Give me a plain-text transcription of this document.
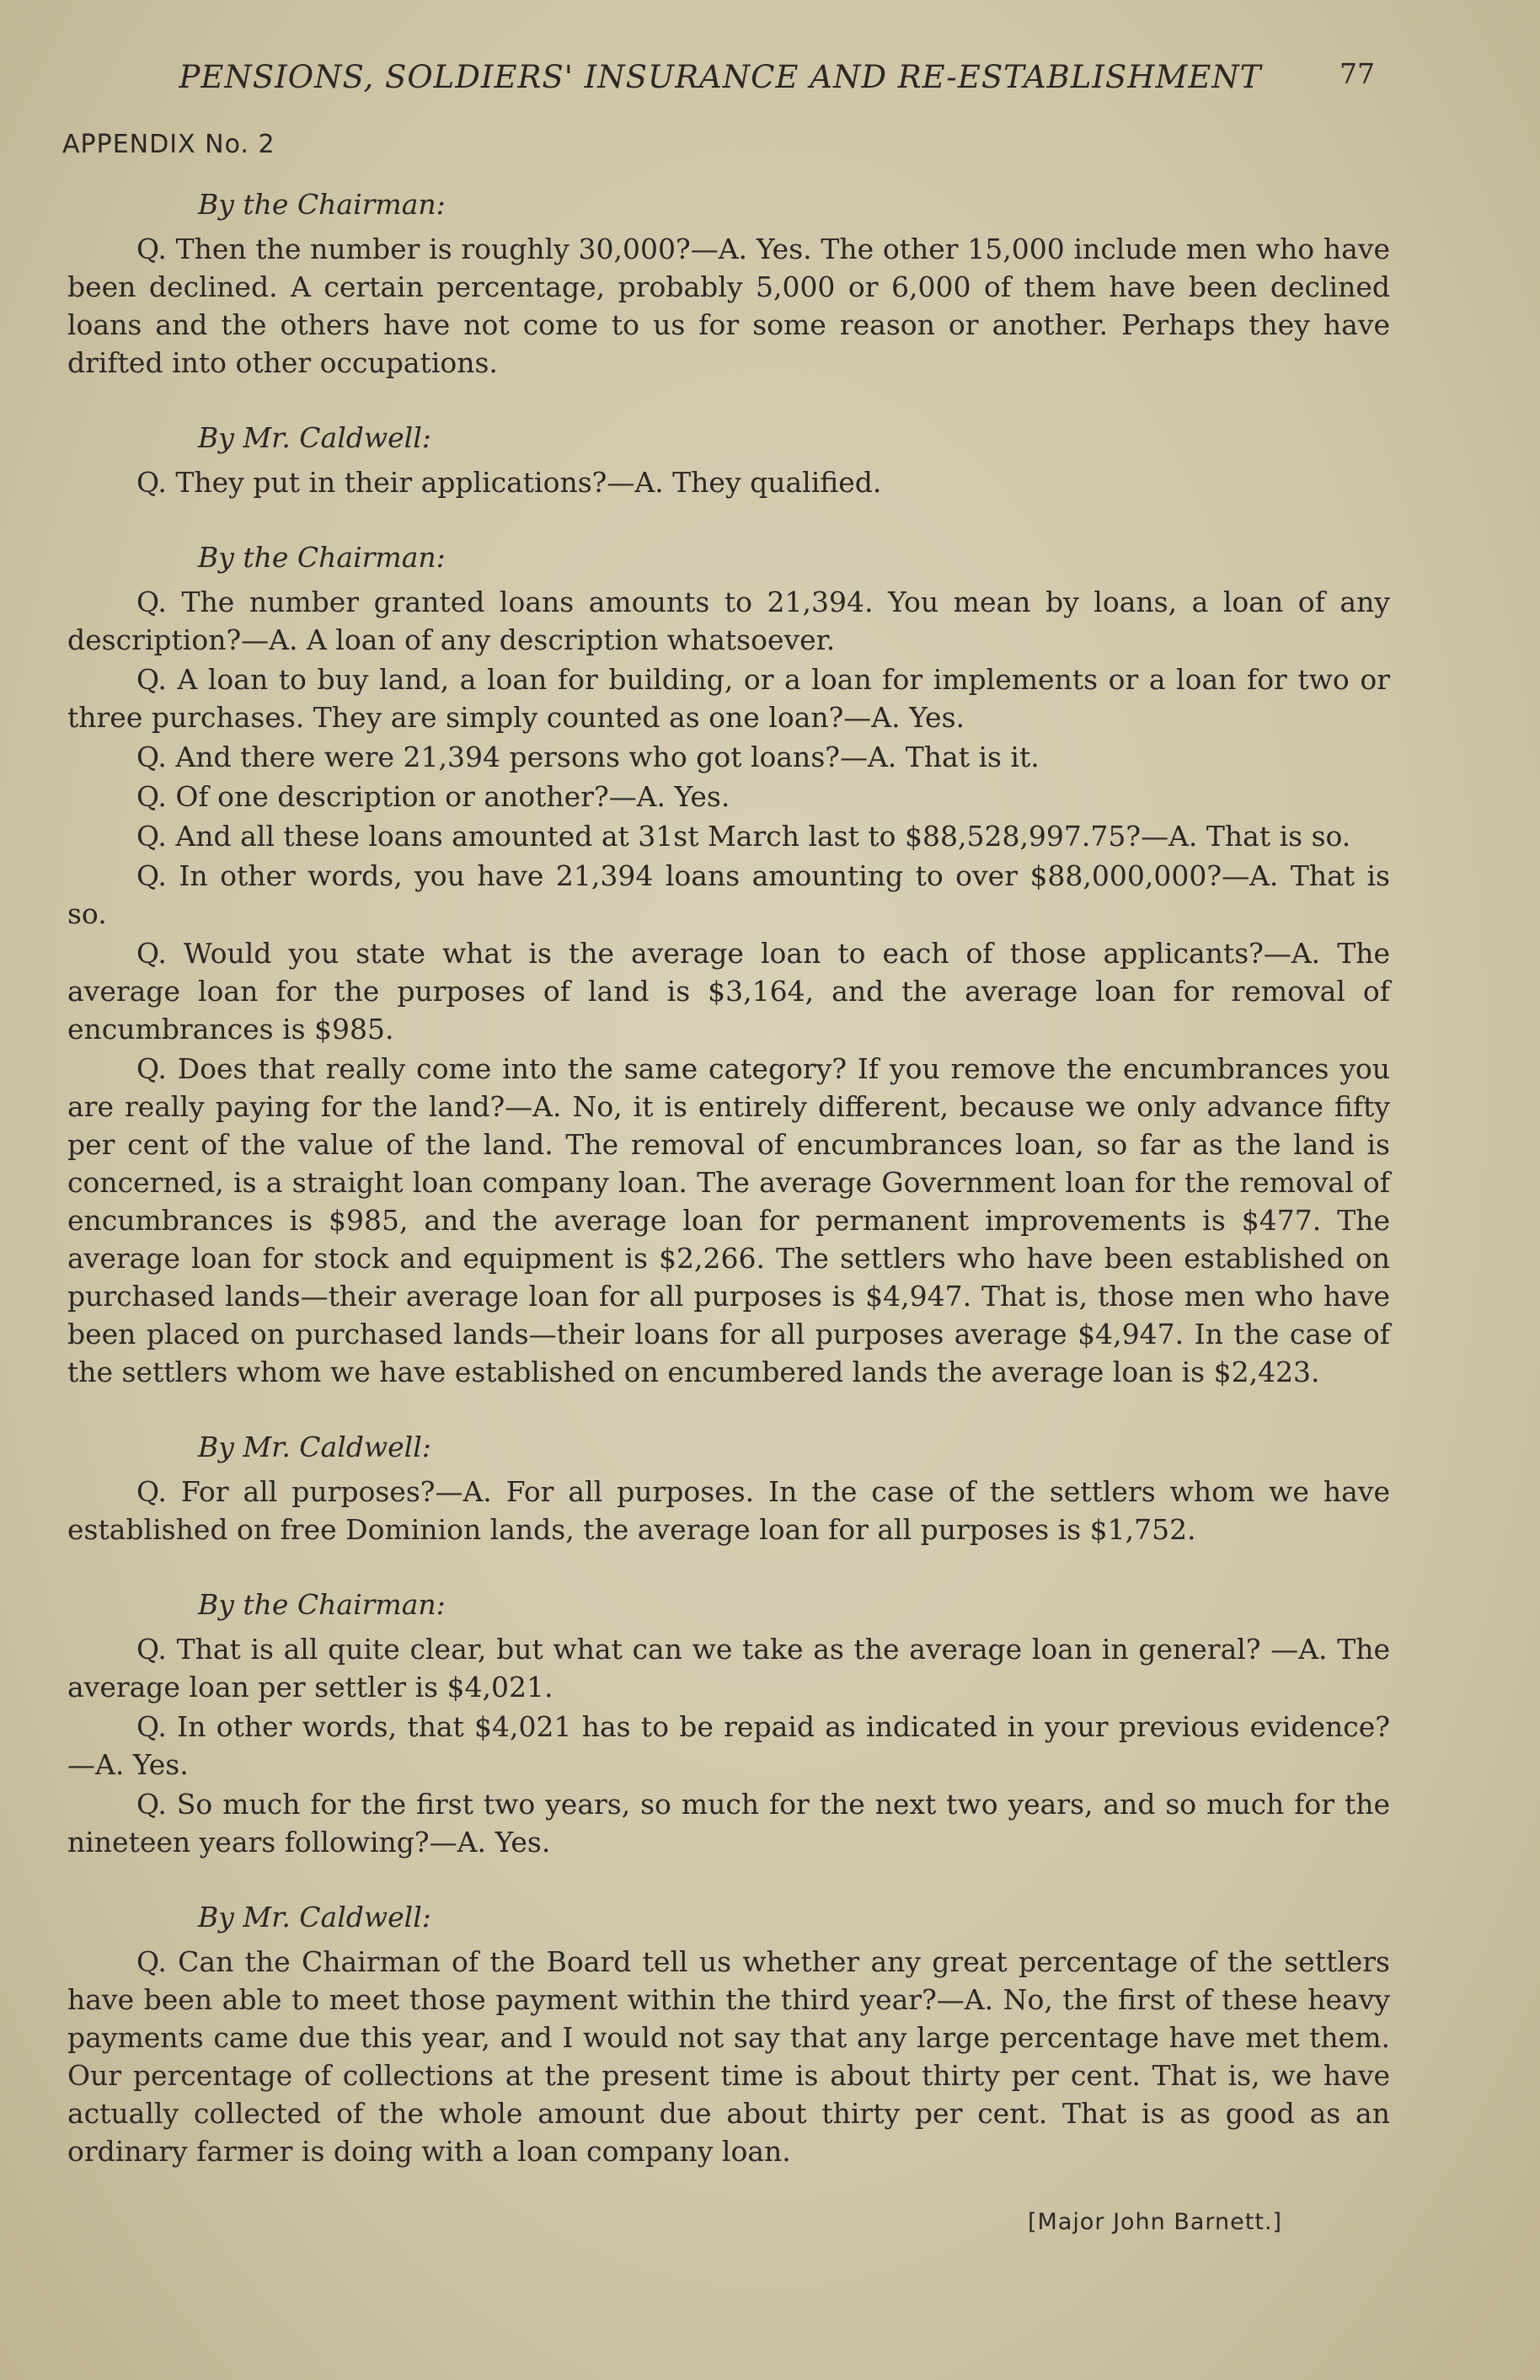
PENSIONS, SOLDIERS' INSURANCE AND RE-ESTABLISHMENT	77
APPENDIX No. 2
By the Chairman:

Q. Then the number is roughly 30,000?—A. Yes. The other 15,000 include men who have been declined. A certain percentage, probably 5,000 or 6,000 of them have been declined loans and the others have not come to us for some reason or another. Perhaps they have drifted into other occupations.

By Mr. Caldwell:

Q. They put in their applications?—A. They qualified.

By the Chairman:

Q. The number granted loans amounts to 21,394. You mean by loans, a loan of any description?—A. A loan of any description whatsoever.

Q. A loan to buy land, a loan for building, or a loan for implements or a loan for two or three purchases. They are simply counted as one loan?—A. Yes.

Q. And there were 21,394 persons who got loans?—A. That is it.

Q. Of one description or another?—A. Yes.

Q. And all these loans amounted at 31st March last to $88,528,997.75?—A. That is so.

Q. In other words, you have 21,394 loans amounting to over $88,000,000?—A. That is so.

Q. Would you state what is the average loan to each of those applicants?—A. The average loan for the purposes of land is $3,164, and the average loan for removal of encumbrances is $985.

Q. Does that really come into the same category? If you remove the encumbrances you are really paying for the land?—A. No, it is entirely different, because we only advance fifty per cent of the value of the land. The removal of encumbrances loan, so far as the land is concerned, is a straight loan company loan. The average Government loan for the removal of encumbrances is $985, and the average loan for permanent improvements is $477. The average loan for stock and equipment is $2,266. The settlers who have been established on purchased lands—their average loan for all purposes is $4,947. That is, those men who have been placed on purchased lands—their loans for all purposes average $4,947. In the case of the settlers whom we have established on encumbered lands the average loan is $2,423.

By Mr. Caldwell:

Q. For all purposes?—A. For all purposes. In the case of the settlers whom we have established on free Dominion lands, the average loan for all purposes is $1,752.

By the Chairman:

Q. That is all quite clear, but what can we take as the average loan in general? —A. The average loan per settler is $4,021.

Q. In other words, that $4,021 has to be repaid as indicated in your previous evidence?—A. Yes.

Q. So much for the first two years, so much for the next two years, and so much for the nineteen years following?—A. Yes.

By Mr. Caldwell:

Q. Can the Chairman of the Board tell us whether any great percentage of the settlers have been able to meet those payment within the third year?—A. No, the first of these heavy payments came due this year, and I would not say that any large percentage have met them. Our percentage of collections at the present time is about thirty per cent. That is, we have actually collected of the whole amount due about thirty per cent. That is as good as an ordinary farmer is doing with a loan company loan.

[Major John Barnett.]
